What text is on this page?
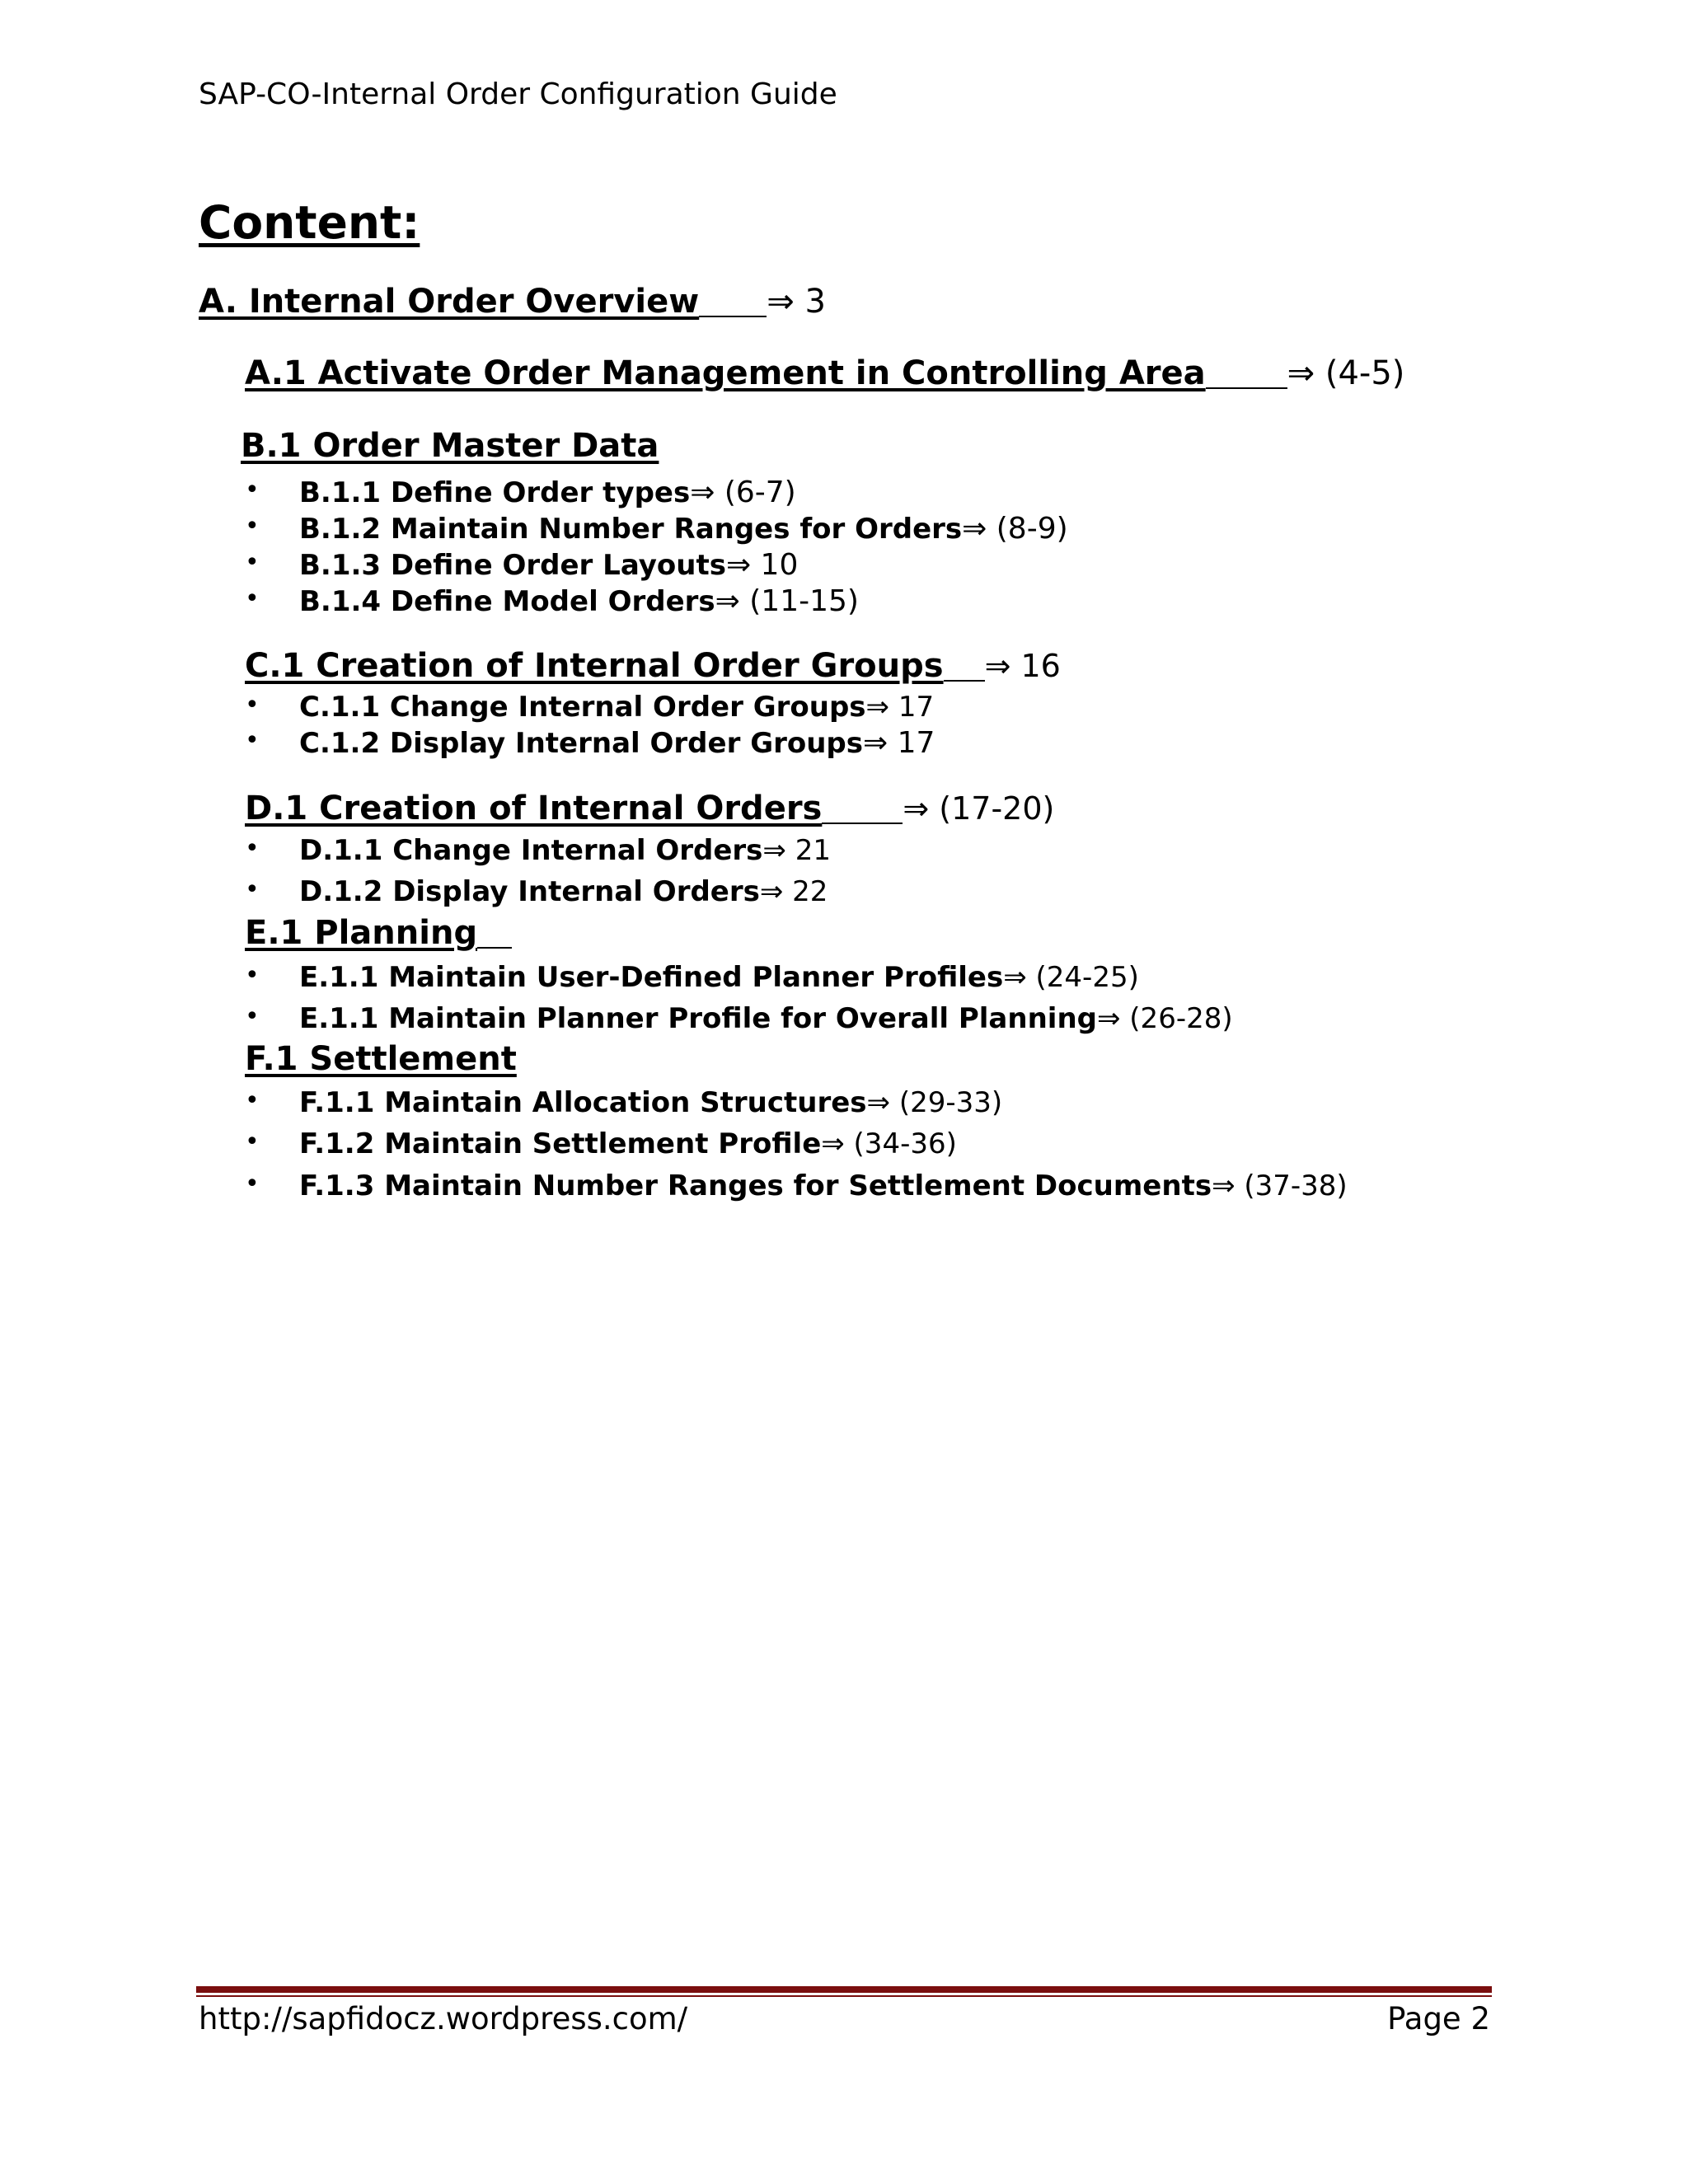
SAP-CO-Internal Order Configuration Guide
Content:
A. Internal Order Overview ⇒ 3
A.1 Activate Order Management in Controlling Area ⇒ (4-5)
B.1 Order Master Data
• B.1.1 Define Order types⇒ (6-7)
• B.1.2 Maintain Number Ranges for Orders⇒ (8-9)
• B.1.3 Define Order Layouts⇒ 10
• B.1.4 Define Model Orders⇒ (11-15)
C.1 Creation of Internal Order Groups ⇒ 16
• C.1.1 Change Internal Order Groups⇒ 17
• C.1.2 Display Internal Order Groups⇒ 17
D.1 Creation of Internal Orders	⇒ (17-20)
• D.1.1 Change Internal Orders⇒ 21
• D.1.2 Display Internal Orders⇒ 22
E.1 Planning
• E.1.1 Maintain User-Defined Planner Profiles⇒ (24-25)
• E.1.1 Maintain Planner Profile for Overall Planning⇒ (26-28)
F.1 Settlement
• F.1.1 Maintain Allocation Structures⇒ (29-33)
• F.1.2 Maintain Settlement Profile⇒ (34-36)
• F.1.3 Maintain Number Ranges for Settlement Documents⇒ (37-38)
http://sapfidocz.wordpress.com/	Page 2
